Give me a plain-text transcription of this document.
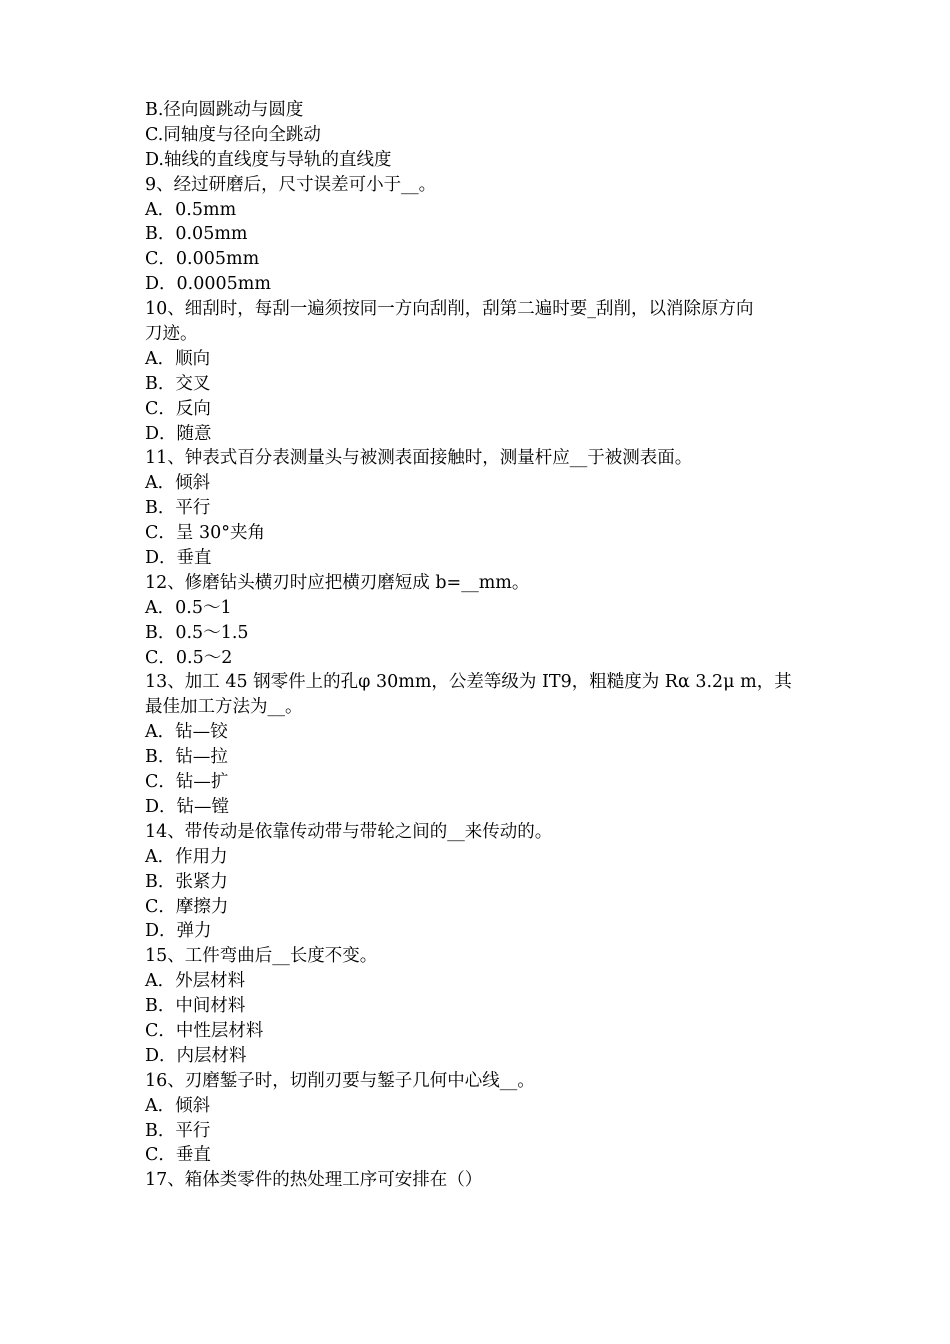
B.径向圆跳动与圆度

C.同轴度与径向全跳动

D.轴线的直线度与导轨的直线度

9、经过研磨后，尺寸误差可小于__。

A．0.5mm

B．0.05mm

C．0.005mm

D．0.0005mm

10、细刮时，每刮一遍须按同一方向刮削，刮第二遍时要_刮削，以消除原方向

刀迹。

A．顺向

B．交叉

C．反向

D．随意

11、钟表式百分表测量头与被测表面接触时，测量杆应__于被测表面。

A．倾斜

B．平行

C．呈 30°夹角

D．垂直

12、修磨钻头横刃时应把横刃磨短成 b=__mm。

A．0.5～1

B．0.5～1.5

C．0.5～2

13、加工 45 钢零件上的孔φ 30mm，公差等级为 IT9，粗糙度为 Rα 3.2μ m，其

最佳加工方法为__。

A．钻—铰

B．钻—拉

C．钻—扩

D．钻—镗

14、带传动是依靠传动带与带轮之间的__来传动的。

A．作用力

B．张紧力

C．摩擦力

D．弹力

15、工件弯曲后__长度不变。

A．外层材料

B．中间材料

C．中性层材料

D．内层材料

16、刃磨錾子时，切削刃要与錾子几何中心线__。

A．倾斜

B．平行

C．垂直

17、箱体类零件的热处理工序可安排在（）
